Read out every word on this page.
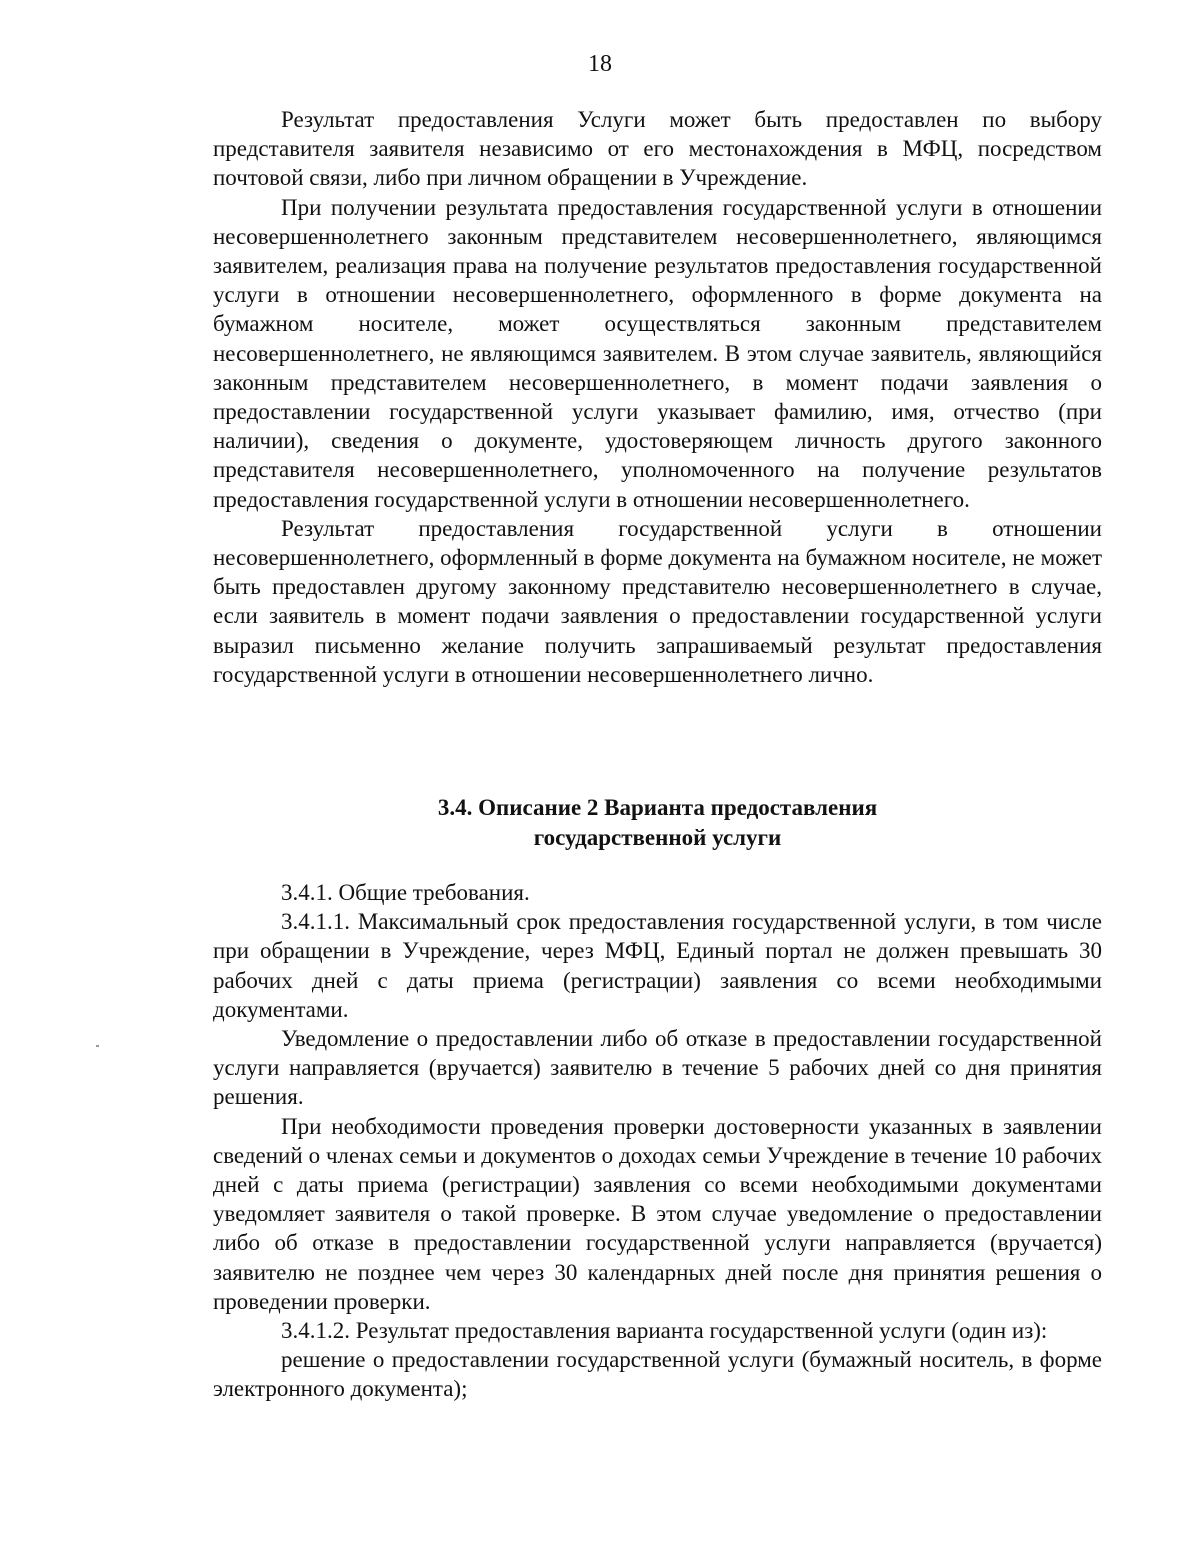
18

Результат предоставления Услуги может быть предоставлен по выбору представителя заявителя независимо от его местонахождения в МФЦ, посредством почтовой связи, либо при личном обращении в Учреждение.

При получении результата предоставления государственной услуги в отношении несовершеннолетнего законным представителем несовершеннолетнего, являющимся заявителем, реализация права на получение результатов предоставления государственной услуги в отношении несовершеннолетнего, оформленного в форме документа на бумажном носителе, может осуществляться законным представителем несовершеннолетнего, не являющимся заявителем. В этом случае заявитель, являющийся законным представителем несовершеннолетнего, в момент подачи заявления о предоставлении государственной услуги указывает фамилию, имя, отчество (при наличии), сведения о документе, удостоверяющем личность другого законного представителя несовершеннолетнего, уполномоченного на получение результатов предоставления государственной услуги в отношении несовершеннолетнего.

Результат предоставления государственной услуги в отношении несовершеннолетнего, оформленный в форме документа на бумажном носителе, не может быть предоставлен другому законному представителю несовершеннолетнего в случае, если заявитель в момент подачи заявления о предоставлении государственной услуги выразил письменно желание получить запрашиваемый результат предоставления государственной услуги в отношении несовершеннолетнего лично.

3.4. Описание 2 Варианта предоставления
государственной услуги

3.4.1. Общие требования.

3.4.1.1. Максимальный срок предоставления государственной услуги, в том числе при обращении в Учреждение, через МФЦ, Единый портал не должен превышать 30 рабочих дней с даты приема (регистрации) заявления со всеми необходимыми документами.

Уведомление о предоставлении либо об отказе в предоставлении государственной услуги направляется (вручается) заявителю в течение 5 рабочих дней со дня принятия решения.

При необходимости проведения проверки достоверности указанных в заявлении сведений о членах семьи и документов о доходах семьи Учреждение в течение 10 рабочих дней с даты приема (регистрации) заявления со всеми необходимыми документами уведомляет заявителя о такой проверке. В этом случае уведомление о предоставлении либо об отказе в предоставлении государственной услуги направляется (вручается) заявителю не позднее чем через 30 календарных дней после дня принятия решения о проведении проверки.

3.4.1.2. Результат предоставления варианта государственной услуги (один из):

решение о предоставлении государственной услуги (бумажный носитель, в форме электронного документа);
